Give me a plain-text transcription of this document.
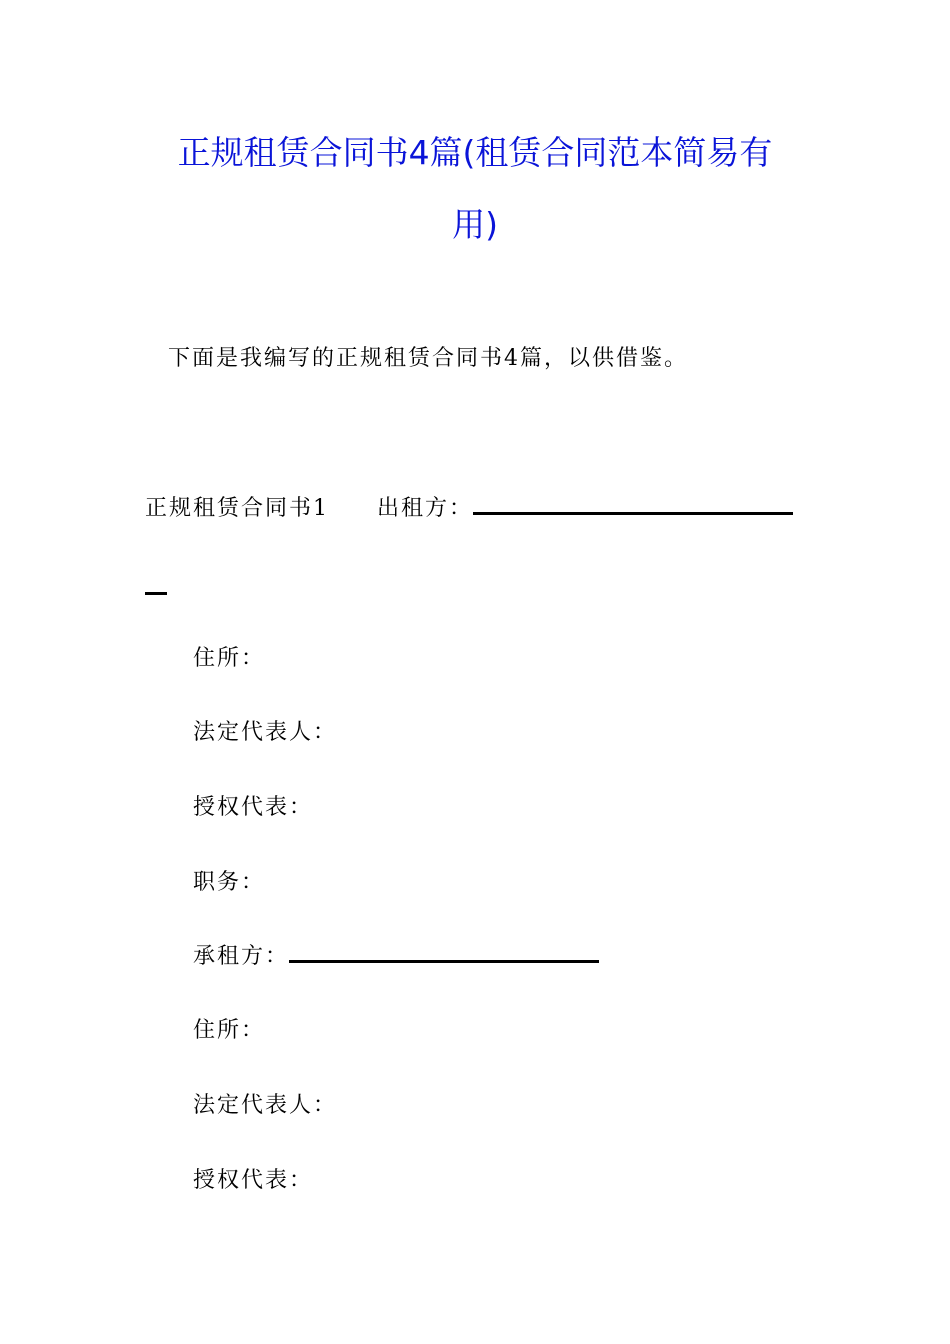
正规租赁合同书4篇(租赁合同范本简易有
用)
下面是我编写的正规租赁合同书4篇，以供借鉴。
正规租赁合同书1 出租方：
住所：
法定代表人：
授权代表：
职务：
承租方：
住所：
法定代表人：
授权代表：
